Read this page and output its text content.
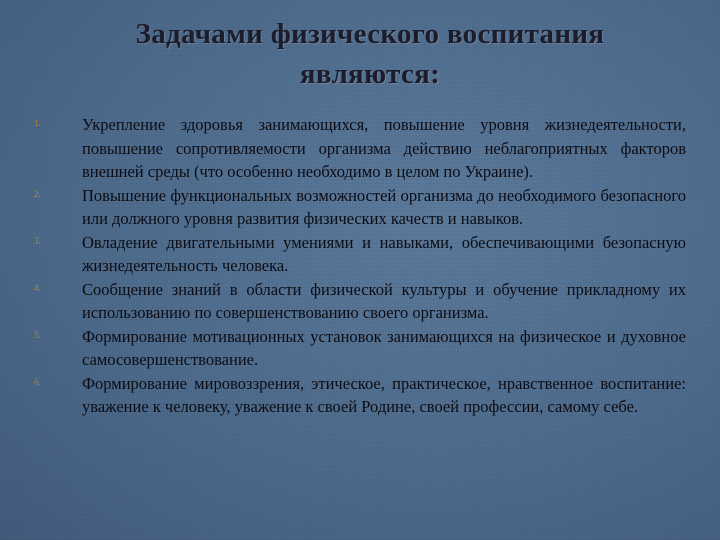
Задачами физического воспитания
являются:
1.	Укрепление здоровья занимающихся, повышение уровня жизнедеятельности, повышение сопротивляемости организма действию неблагоприятных факторов внешней среды (что особенно необходимо в целом по Украине).
2.	Повышение функциональных возможностей организма до необходимого безопасного или должного уровня развития физических качеств и навыков.
3.	Овладение двигательными умениями и навыками, обеспечивающими безопасную жизнедеятельность человека.
4.	Сообщение знаний в области физической культуры и обучение прикладному их использованию по совершенствованию своего организма.
5.	Формирование мотивационных установок занимающихся на физическое и духовное самосовершенствование.
6.	Формирование мировоззрения, этическое, практическое, нравственное воспитание: уважение к человеку, уважение к своей Родине, своей профессии, самому себе.
